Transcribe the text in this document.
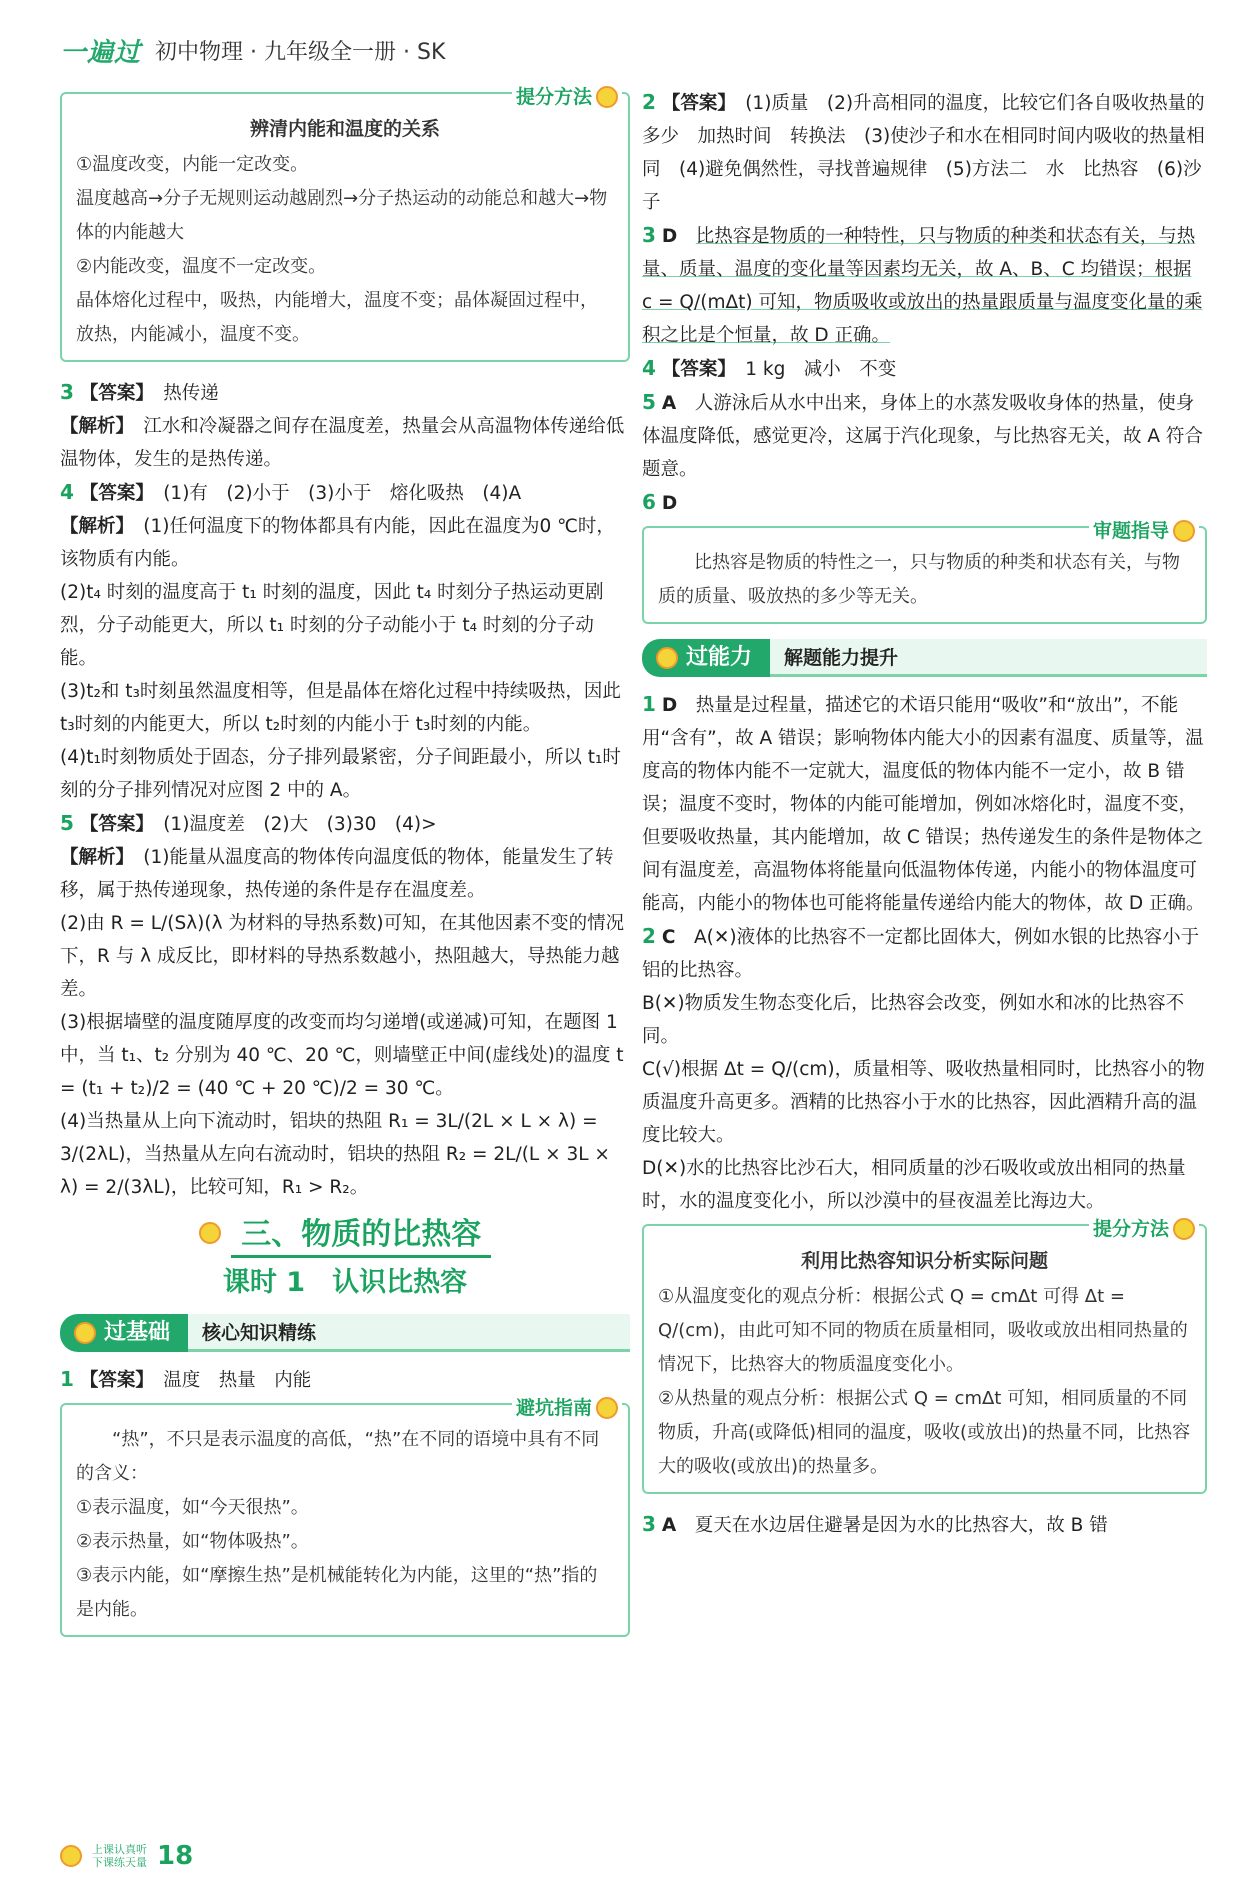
一遍过 初中物理 · 九年级全一册 · SK
提分方法
辨清内能和温度的关系

①温度改变，内能一定改变。

温度越高→分子无规则运动越剧烈→分子热运动的动能总和越大→物体的内能越大

②内能改变，温度不一定改变。

晶体熔化过程中，吸热，内能增大，温度不变；晶体凝固过程中，放热，内能减小，温度不变。

3 【答案】　 热传递

【解析】　 江水和冷凝器之间存在温度差，热量会从高温物体传递给低温物体，发生的是热传递。

4 【答案】　 (1)有　(2)小于　(3)小于　熔化吸热　(4)A

【解析】　 (1)任何温度下的物体都具有内能，因此在温度为0 ℃时，该物质有内能。

(2)t₄ 时刻的温度高于 t₁ 时刻的温度，因此 t₄ 时刻分子热运动更剧烈，分子动能更大，所以 t₁ 时刻的分子动能小于 t₄ 时刻的分子动能。

(3)t₂和 t₃时刻虽然温度相等，但是晶体在熔化过程中持续吸热，因此 t₃时刻的内能更大，所以 t₂时刻的内能小于 t₃时刻的内能。

(4)t₁时刻物质处于固态，分子排列最紧密，分子间距最小，所以 t₁时刻的分子排列情况对应图 2 中的 A。

5 【答案】　 (1)温度差　(2)大　(3)30　(4)>

【解析】　 (1)能量从温度高的物体传向温度低的物体，能量发生了转移，属于热传递现象，热传递的条件是存在温度差。

(2)由 R = L/(Sλ)(λ 为材料的导热系数)可知，在其他因素不变的情况下，R 与 λ 成反比，即材料的导热系数越小，热阻越大，导热能力越差。

(3)根据墙壁的温度随厚度的改变而均匀递增(或递减)可知，在题图 1 中，当 t₁、t₂ 分别为 40 ℃、20 ℃，则墙壁正中间(虚线处)的温度 t = (t₁ + t₂)/2 = (40 ℃ + 20 ℃)/2 = 30 ℃。

(4)当热量从上向下流动时，铝块的热阻 R₁ = 3L/(2L × L × λ) = 3/(2λL)，当热量从左向右流动时，铝块的热阻 R₂ = 2L/(L × 3L × λ) = 2/(3λL)，比较可知，R₁ > R₂。

三、物质的比热容
课时 1　认识比热容
过基础	核心知识精练

1 【答案】　 温度　热量　内能

避坑指南

“热”，不只是表示温度的高低，“热”在不同的语境中具有不同的含义：

①表示温度，如“今天很热”。

②表示热量，如“物体吸热”。

③表示内能，如“摩擦生热”是机械能转化为内能，这里的“热”指的是内能。

2 【答案】　 (1)质量　(2)升高相同的温度，比较它们各自吸收热量的多少　加热时间　转换法　(3)使沙子和水在相同时间内吸收的热量相同　(4)避免偶然性，寻找普遍规律　(5)方法二　水　比热容　(6)沙子

3 D　 比热容是物质的一种特性，只与物质的种类和状态有关，与热量、质量、温度的变化量等因素均无关，故 A、B、C 均错误；根据 c = Q/(mΔt) 可知，物质吸收或放出的热量跟质量与温度变化量的乘积之比是个恒量，故 D 正确。

4 【答案】　 1 kg　减小　不变

5 A　 人游泳后从水中出来，身体上的水蒸发吸收身体的热量，使身体温度降低，感觉更冷，这属于汽化现象，与比热容无关，故 A 符合题意。

6 D

审题指导

比热容是物质的特性之一，只与物质的种类和状态有关，与物质的质量、吸放热的多少等无关。

过能力	解题能力提升

1 D　 热量是过程量，描述它的术语只能用“吸收”和“放出”，不能用“含有”，故 A 错误；影响物体内能大小的因素有温度、质量等，温度高的物体内能不一定就大，温度低的物体内能不一定小，故 B 错误；温度不变时，物体的内能可能增加，例如冰熔化时，温度不变，但要吸收热量，其内能增加，故 C 错误；热传递发生的条件是物体之间有温度差，高温物体将能量向低温物体传递，内能小的物体温度可能高，内能小的物体也可能将能量传递给内能大的物体，故 D 正确。

2 C　 A(✕)液体的比热容不一定都比固体大，例如水银的比热容小于铝的比热容。

B(✕)物质发生物态变化后，比热容会改变，例如水和冰的比热容不同。

C(√)根据 Δt = Q/(cm)，质量相等、吸收热量相同时，比热容小的物质温度升高更多。酒精的比热容小于水的比热容，因此酒精升高的温度比较大。

D(✕)水的比热容比沙石大，相同质量的沙石吸收或放出相同的热量时，水的温度变化小，所以沙漠中的昼夜温差比海边大。

提分方法
利用比热容知识分析实际问题

①从温度变化的观点分析：根据公式 Q = cmΔt 可得 Δt = Q/(cm)，由此可知不同的物质在质量相同，吸收或放出相同热量的情况下，比热容大的物质温度变化小。

②从热量的观点分析：根据公式 Q = cmΔt 可知，相同质量的不同物质，升高(或降低)相同的温度，吸收(或放出)的热量不同，比热容大的吸收(或放出)的热量多。

3 A　 夏天在水边居住避暑是因为水的比热容大，故 B 错

上课认真听
下课练天量 18
